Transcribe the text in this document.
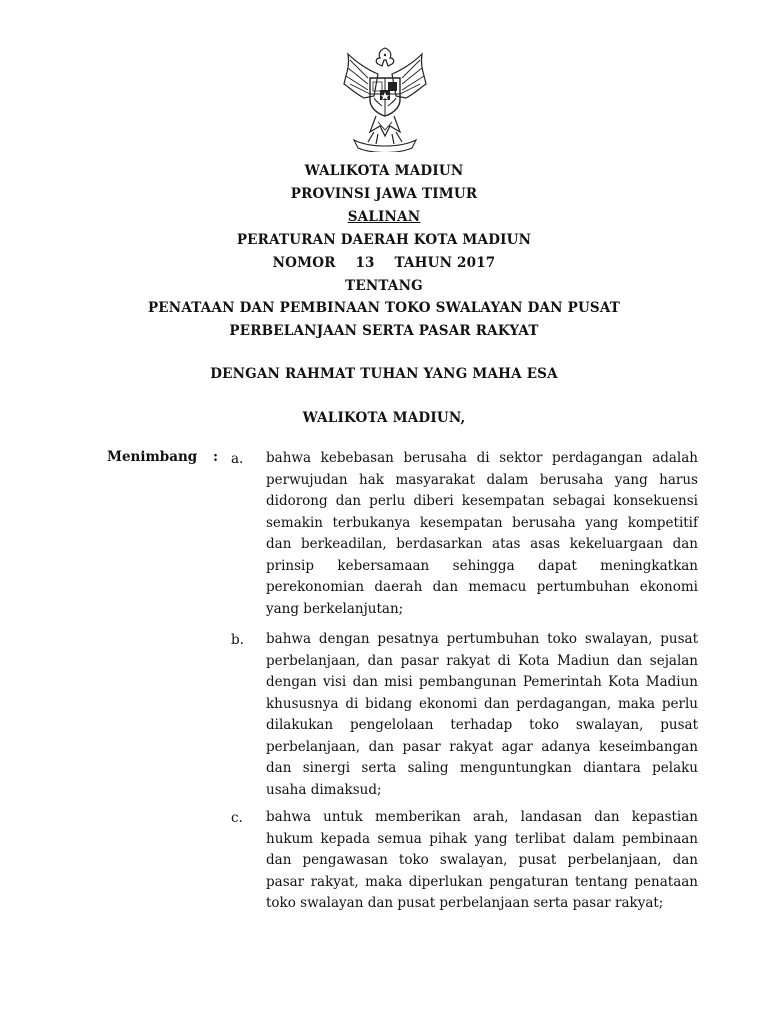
WALIKOTA MADIUN
PROVINSI JAWA TIMUR
SALINAN
PERATURAN DAERAH KOTA MADIUN
NOMOR 13 TAHUN 2017
TENTANG
PENATAAN DAN PEMBINAAN TOKO SWALAYAN DAN PUSAT
PERBELANJAAN SERTA PASAR RAKYAT
DENGAN RAHMAT TUHAN YANG MAHA ESA
WALIKOTA MADIUN,
Menimbang : a. bahwa kebebasan berusaha di sektor perdagangan adalah perwujudan hak masyarakat dalam berusaha yang harus didorong dan perlu diberi kesempatan sebagai konsekuensi semakin terbukanya kesempatan berusaha yang kompetitif dan berkeadilan, berdasarkan atas asas kekeluargaan dan prinsip kebersamaan sehingga dapat meningkatkan perekonomian daerah dan memacu pertumbuhan ekonomi yang berkelanjutan;
b. bahwa dengan pesatnya pertumbuhan toko swalayan, pusat perbelanjaan, dan pasar rakyat di Kota Madiun dan sejalan dengan visi dan misi pembangunan Pemerintah Kota Madiun khususnya di bidang ekonomi dan perdagangan, maka perlu dilakukan pengelolaan terhadap toko swalayan, pusat perbelanjaan, dan pasar rakyat agar adanya keseimbangan dan sinergi serta saling menguntungkan diantara pelaku usaha dimaksud;
c. bahwa untuk memberikan arah, landasan dan kepastian hukum kepada semua pihak yang terlibat dalam pembinaan dan pengawasan toko swalayan, pusat perbelanjaan, dan pasar rakyat, maka diperlukan pengaturan tentang penataan toko swalayan dan pusat perbelanjaan serta pasar rakyat;
